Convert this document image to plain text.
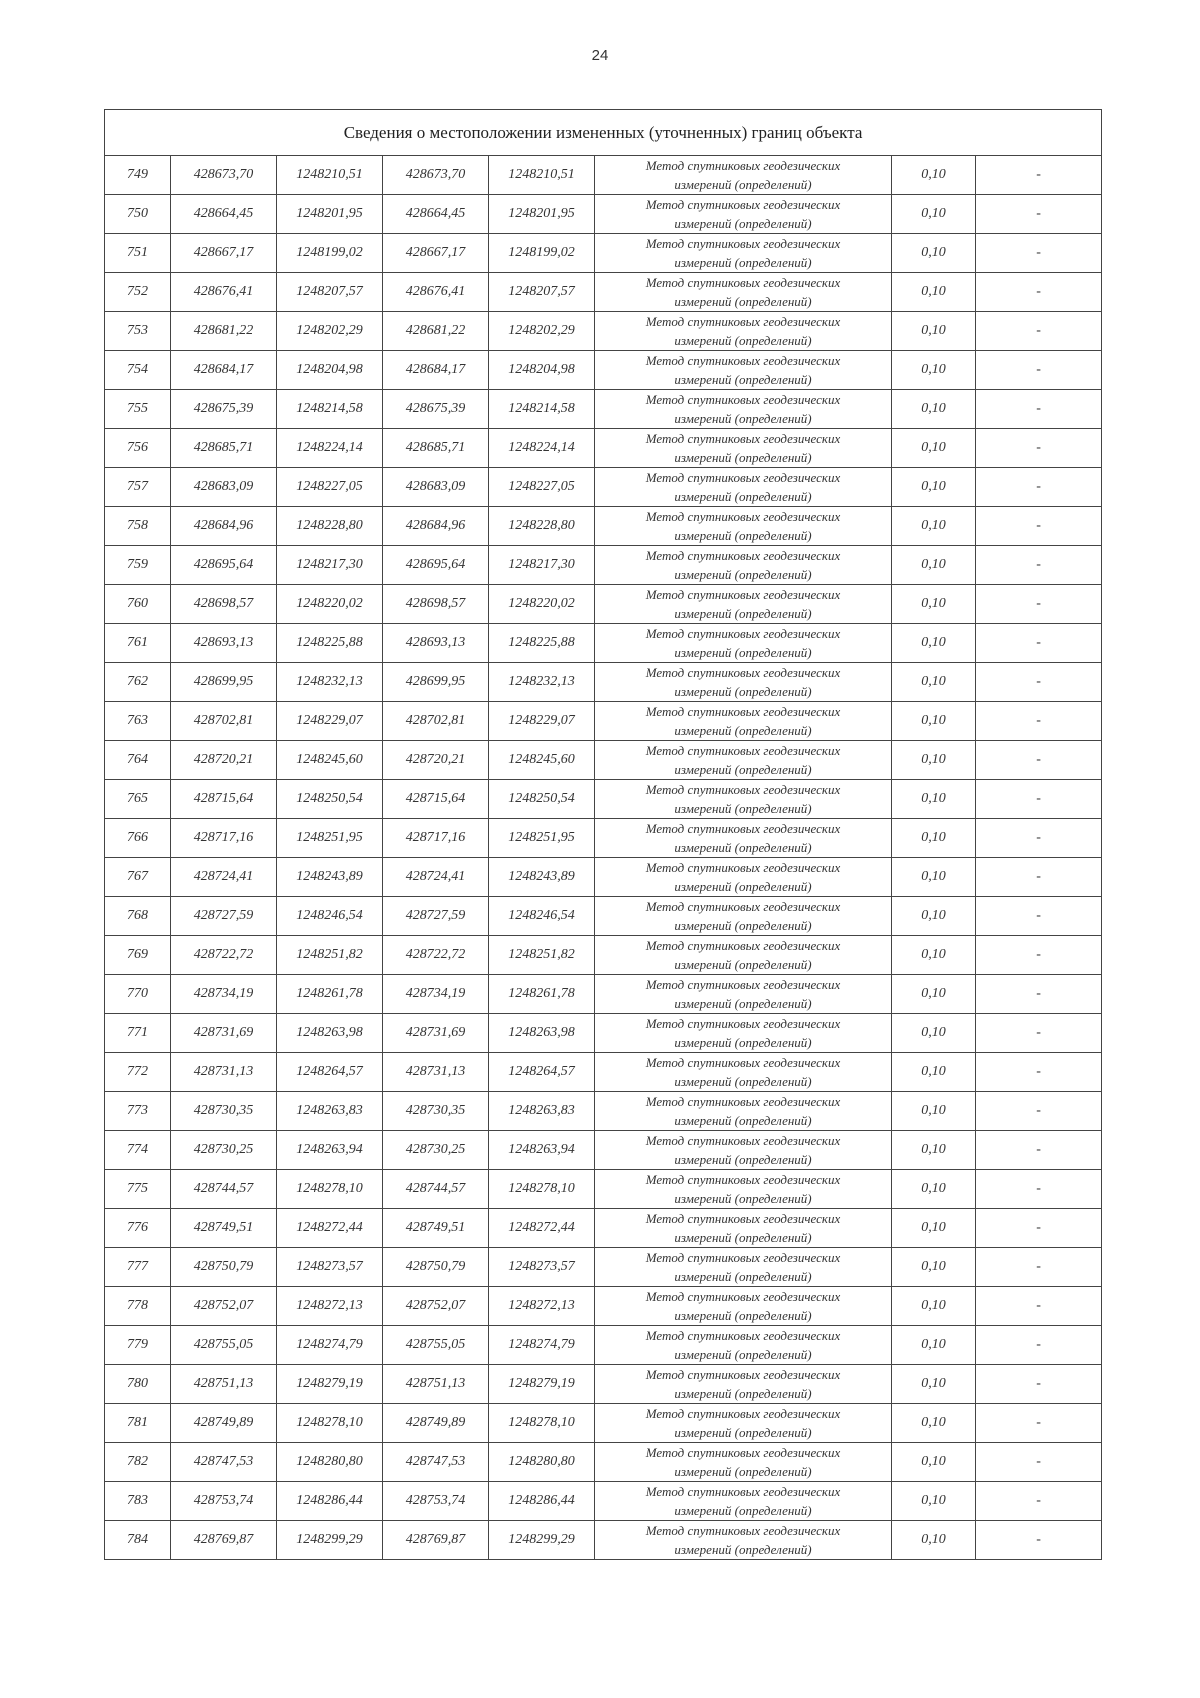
24
Сведения о местоположении измененных (уточненных) границ объекта							
749	428673,70	1248210,51	428673,70	1248210,51	Метод спутниковых геодезических
измерений (определений)	0,10	-
750	428664,45	1248201,95	428664,45	1248201,95	Метод спутниковых геодезических
измерений (определений)	0,10	-
751	428667,17	1248199,02	428667,17	1248199,02	Метод спутниковых геодезических
измерений (определений)	0,10	-
752	428676,41	1248207,57	428676,41	1248207,57	Метод спутниковых геодезических
измерений (определений)	0,10	-
753	428681,22	1248202,29	428681,22	1248202,29	Метод спутниковых геодезических
измерений (определений)	0,10	-
754	428684,17	1248204,98	428684,17	1248204,98	Метод спутниковых геодезических
измерений (определений)	0,10	-
755	428675,39	1248214,58	428675,39	1248214,58	Метод спутниковых геодезических
измерений (определений)	0,10	-
756	428685,71	1248224,14	428685,71	1248224,14	Метод спутниковых геодезических
измерений (определений)	0,10	-
757	428683,09	1248227,05	428683,09	1248227,05	Метод спутниковых геодезических
измерений (определений)	0,10	-
758	428684,96	1248228,80	428684,96	1248228,80	Метод спутниковых геодезических
измерений (определений)	0,10	-
759	428695,64	1248217,30	428695,64	1248217,30	Метод спутниковых геодезических
измерений (определений)	0,10	-
760	428698,57	1248220,02	428698,57	1248220,02	Метод спутниковых геодезических
измерений (определений)	0,10	-
761	428693,13	1248225,88	428693,13	1248225,88	Метод спутниковых геодезических
измерений (определений)	0,10	-
762	428699,95	1248232,13	428699,95	1248232,13	Метод спутниковых геодезических
измерений (определений)	0,10	-
763	428702,81	1248229,07	428702,81	1248229,07	Метод спутниковых геодезических
измерений (определений)	0,10	-
764	428720,21	1248245,60	428720,21	1248245,60	Метод спутниковых геодезических
измерений (определений)	0,10	-
765	428715,64	1248250,54	428715,64	1248250,54	Метод спутниковых геодезических
измерений (определений)	0,10	-
766	428717,16	1248251,95	428717,16	1248251,95	Метод спутниковых геодезических
измерений (определений)	0,10	-
767	428724,41	1248243,89	428724,41	1248243,89	Метод спутниковых геодезических
измерений (определений)	0,10	-
768	428727,59	1248246,54	428727,59	1248246,54	Метод спутниковых геодезических
измерений (определений)	0,10	-
769	428722,72	1248251,82	428722,72	1248251,82	Метод спутниковых геодезических
измерений (определений)	0,10	-
770	428734,19	1248261,78	428734,19	1248261,78	Метод спутниковых геодезических
измерений (определений)	0,10	-
771	428731,69	1248263,98	428731,69	1248263,98	Метод спутниковых геодезических
измерений (определений)	0,10	-
772	428731,13	1248264,57	428731,13	1248264,57	Метод спутниковых геодезических
измерений (определений)	0,10	-
773	428730,35	1248263,83	428730,35	1248263,83	Метод спутниковых геодезических
измерений (определений)	0,10	-
774	428730,25	1248263,94	428730,25	1248263,94	Метод спутниковых геодезических
измерений (определений)	0,10	-
775	428744,57	1248278,10	428744,57	1248278,10	Метод спутниковых геодезических
измерений (определений)	0,10	-
776	428749,51	1248272,44	428749,51	1248272,44	Метод спутниковых геодезических
измерений (определений)	0,10	-
777	428750,79	1248273,57	428750,79	1248273,57	Метод спутниковых геодезических
измерений (определений)	0,10	-
778	428752,07	1248272,13	428752,07	1248272,13	Метод спутниковых геодезических
измерений (определений)	0,10	-
779	428755,05	1248274,79	428755,05	1248274,79	Метод спутниковых геодезических
измерений (определений)	0,10	-
780	428751,13	1248279,19	428751,13	1248279,19	Метод спутниковых геодезических
измерений (определений)	0,10	-
781	428749,89	1248278,10	428749,89	1248278,10	Метод спутниковых геодезических
измерений (определений)	0,10	-
782	428747,53	1248280,80	428747,53	1248280,80	Метод спутниковых геодезических
измерений (определений)	0,10	-
783	428753,74	1248286,44	428753,74	1248286,44	Метод спутниковых геодезических
измерений (определений)	0,10	-
784	428769,87	1248299,29	428769,87	1248299,29	Метод спутниковых геодезических
измерений (определений)	0,10	-
